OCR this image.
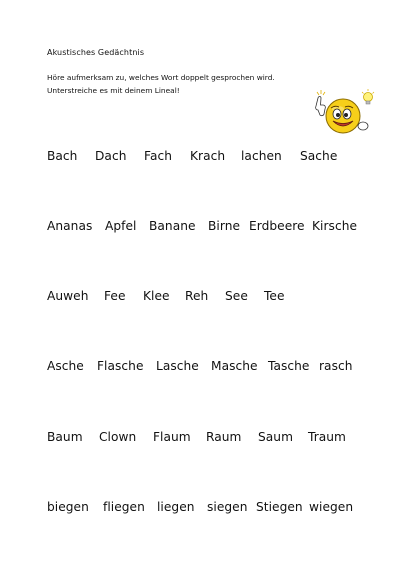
Akustisches Gedächtnis
Höre aufmerksam zu, welches Wort doppelt gesprochen wird.
Unterstreiche es mit deinem Lineal!
Bach Dach Fach Krach lachen Sache
Ananas Apfel Banane Birne Erdbeere Kirsche
Auweh Fee Klee Reh See Tee
Asche Flasche Lasche Masche Tasche rasch
Baum Clown Flaum Raum Saum Traum
biegen fliegen liegen siegen Stiegen wiegen
